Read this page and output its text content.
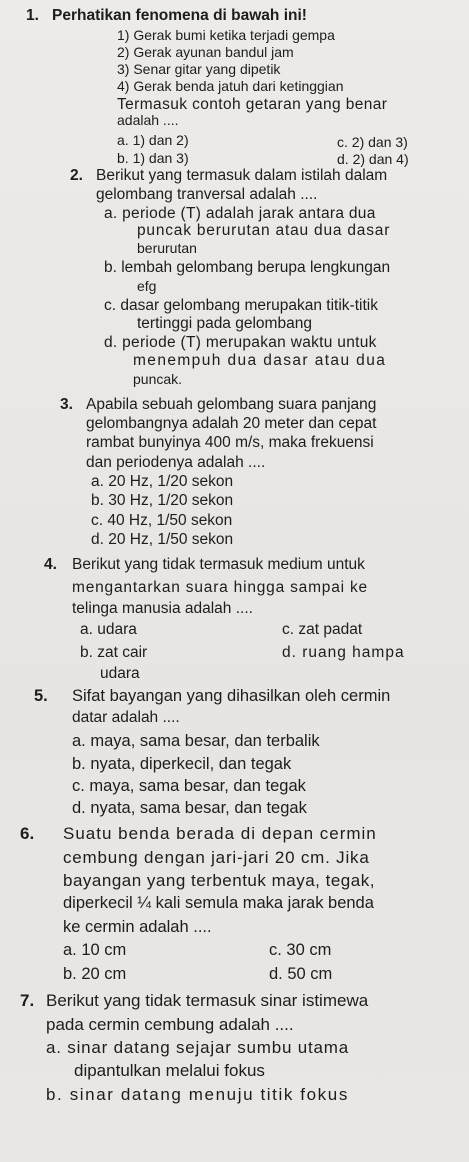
1. Perhatikan fenomena di bawah ini!
1) Gerak bumi ketika terjadi gempa
2) Gerak ayunan bandul jam
3) Senar gitar yang dipetik
4) Gerak benda jatuh dari ketinggian
Termasuk contoh getaran yang benar
adalah ....
a. 1) dan 2)	c. 2) dan 3)
b. 1) dan 3)	d. 2) dan 4)
2. Berikut yang termasuk dalam istilah dalam
gelombang tranversal adalah ....
a. periode (T) adalah jarak antara dua
puncak berurutan atau dua dasar
berurutan
b. lembah gelombang berupa lengkungan
efg
c. dasar gelombang merupakan titik-titik
tertinggi pada gelombang
d. periode (T) merupakan waktu untuk
menempuh dua dasar atau dua
puncak.
3. Apabila sebuah gelombang suara panjang
gelombangnya adalah 20 meter dan cepat
rambat bunyinya 400 m/s, maka frekuensi
dan periodenya adalah ....
a. 20 Hz, 1/20 sekon
b. 30 Hz, 1/20 sekon
c. 40 Hz, 1/50 sekon
d. 20 Hz, 1/50 sekon
4. Berikut yang tidak termasuk medium untuk
mengantarkan suara hingga sampai ke
telinga manusia adalah ....
a. udara	c. zat padat
b. zat cair	d. ruang hampa
udara
5. Sifat bayangan yang dihasilkan oleh cermin
datar adalah ....
a. maya, sama besar, dan terbalik
b. nyata, diperkecil, dan tegak
c. maya, sama besar, dan tegak
d. nyata, sama besar, dan tegak
6. Suatu benda berada di depan cermin
cembung dengan jari-jari 20 cm. Jika
bayangan yang terbentuk maya, tegak,
diperkecil ¼ kali semula maka jarak benda
ke cermin adalah ....
a. 10 cm	c. 30 cm
b. 20 cm	d. 50 cm
7. Berikut yang tidak termasuk sinar istimewa
pada cermin cembung adalah ....
a. sinar datang sejajar sumbu utama
dipantulkan melalui fokus
b. sinar datang menuju titik fokus
